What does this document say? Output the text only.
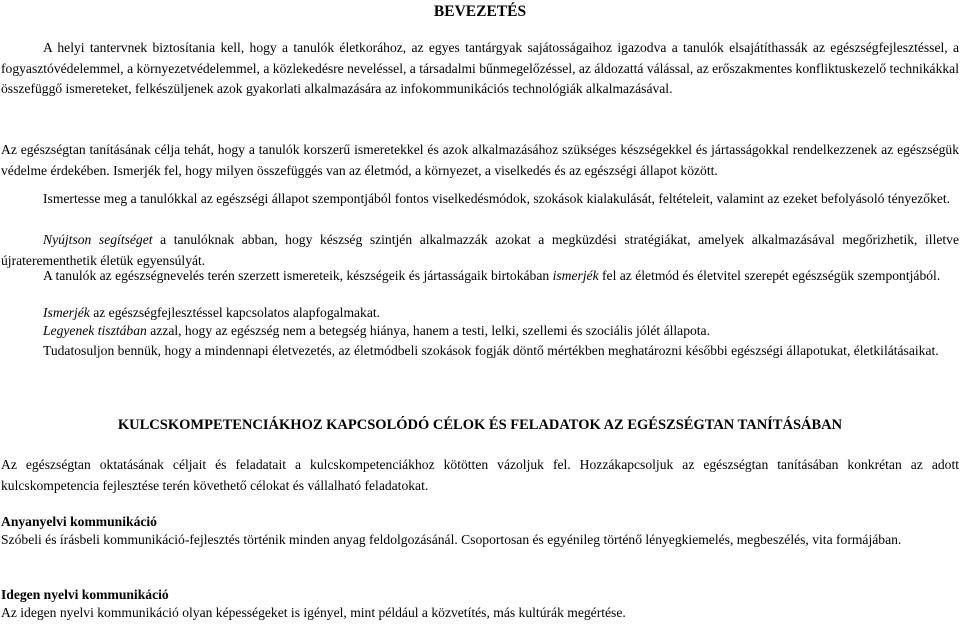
BEVEZETÉS

A helyi tantervnek biztosítania kell, hogy a tanulók életkorához, az egyes tantárgyak sajátosságaihoz igazodva a tanulók elsajátíthassák az egészségfejlesztéssel, a fogyasztóvédelemmel, a környezetvédelemmel, a közlekedésre neveléssel, a társadalmi bűnmegelőzéssel, az áldozattá válással, az erőszakmentes konfliktuskezelő technikákkal összefüggő ismereteket, felkészüljenek azok gyakorlati alkalmazására az infokommunikációs technológiák alkalmazásával.

Az egészségtan tanításának célja tehát, hogy a tanulók korszerű ismeretekkel és azok alkalmazásához szükséges készségekkel és jártasságokkal rendelkezzenek az egészségük védelme érdekében. Ismerjék fel, hogy milyen összefüggés van az életmód, a környezet, a viselkedés és az egészségi állapot között.

Ismertesse meg a tanulókkal az egészségi állapot szempontjából fontos viselkedésmódok, szokások kialakulását, feltételeit, valamint az ezeket befolyásoló tényezőket.

Nyújtson segítséget a tanulóknak abban, hogy készség szintjén alkalmazzák azokat a megküzdési stratégiákat, amelyek alkalmazásával megőrizhetik, illetve újraterementhetik életük egyensúlyát.

A tanulók az egészségnevelés terén szerzett ismereteik, készségeik és jártasságaik birtokában ismerjék fel az életmód és életvitel szerepét egészségük szempontjából.

Ismerjék az egészségfejlesztéssel kapcsolatos alapfogalmakat.

Legyenek tisztában azzal, hogy az egészség nem a betegség hiánya, hanem a testi, lelki, szellemi és szociális jólét állapota.

Tudatosuljon bennük, hogy a mindennapi életvezetés, az életmódbeli szokások fogják döntő mértékben meghatározni későbbi egészségi állapotukat, életkilátásaikat.

KULCSKOMPETENCIÁKHOZ KAPCSOLÓDÓ CÉLOK ÉS FELADATOK AZ EGÉSZSÉGTAN TANÍTÁSÁBAN

Az egészségtan oktatásának céljait és feladatait a kulcskompetenciákhoz kötötten vázoljuk fel. Hozzákapcsoljuk az egészségtan tanításában konkrétan az adott kulcskompetencia fejlesztése terén követhető célokat és vállalható feladatokat.

Anyanyelvi kommunikáció

Szóbeli és írásbeli kommunikáció-fejlesztés történik minden anyag feldolgozásánál. Csoportosan és egyénileg történő lényegkiemelés, megbeszélés, vita formájában.

Idegen nyelvi kommunikáció

Az idegen nyelvi kommunikáció olyan képességeket is igényel, mint például a közvetítés, más kultúrák megértése.
